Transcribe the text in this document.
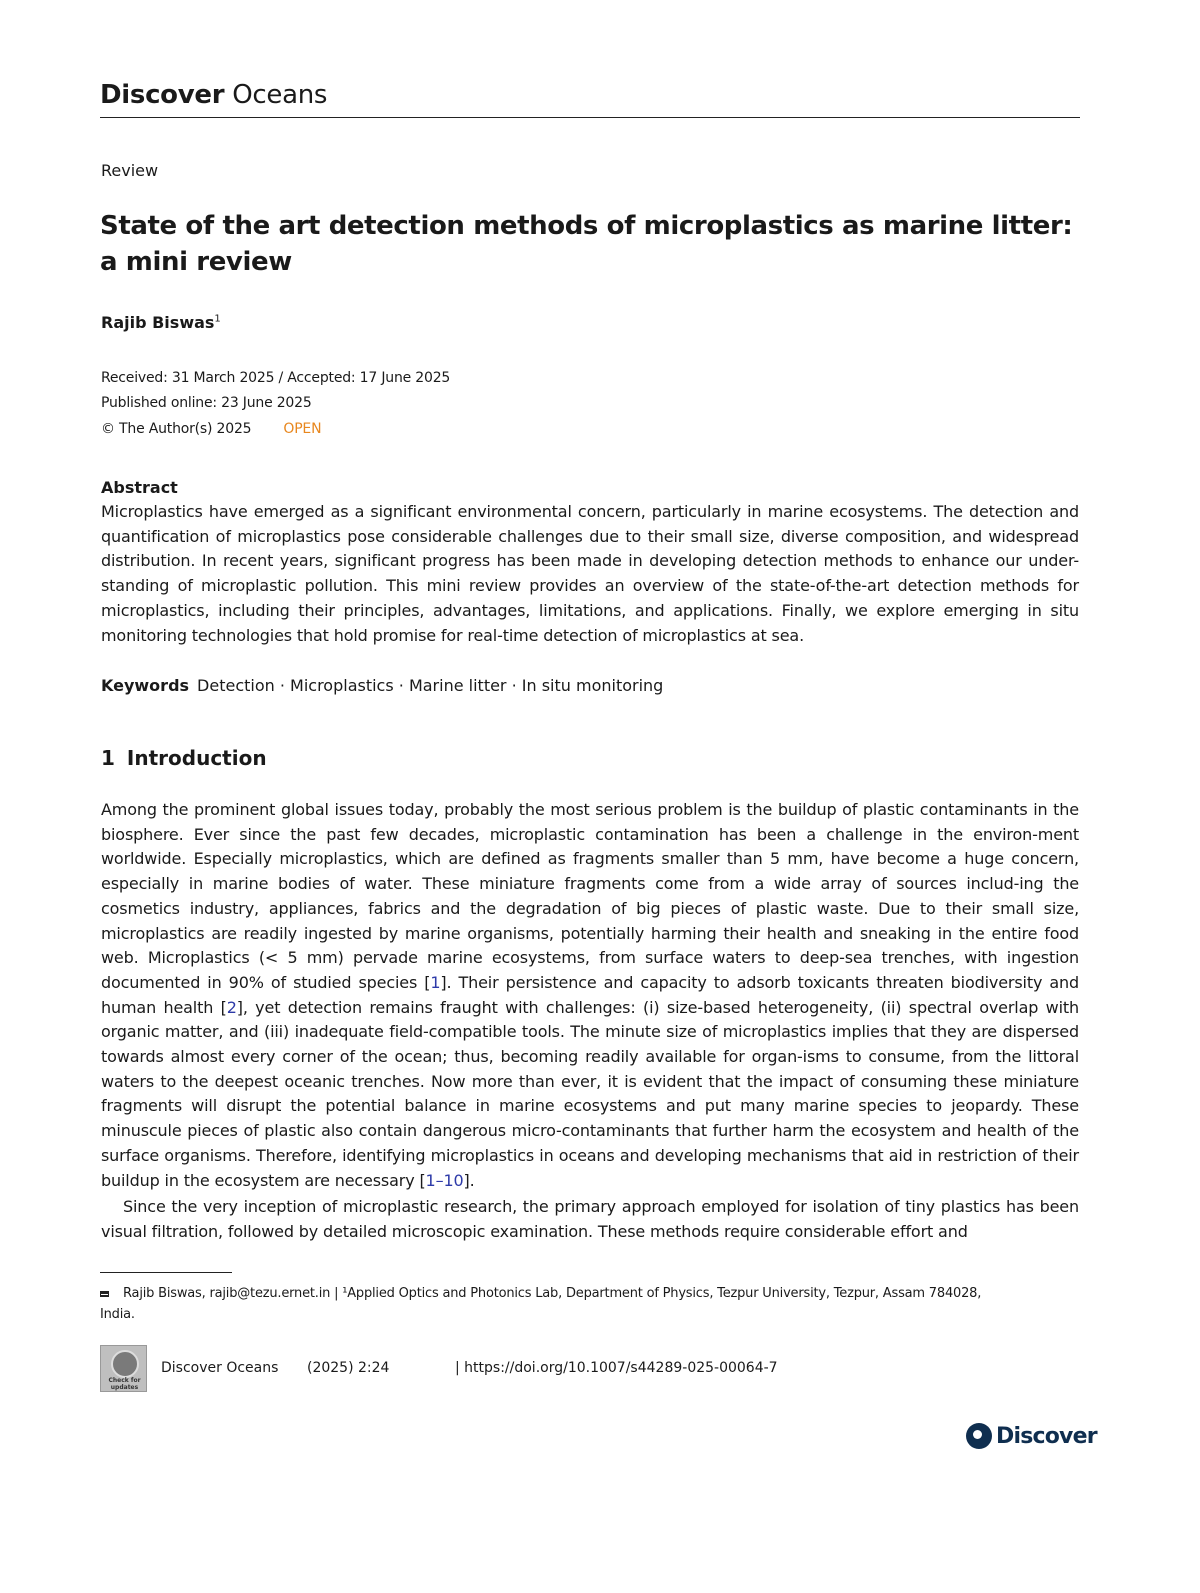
Discover Oceans
Review
State of the art detection methods of microplastics as marine litter:
a mini review
Rajib Biswas$^1$
Received: 31 March 2025 / Accepted: 17 June 2025
Published online: 23 June 2025
© The Author(s) 2025 OPEN
Abstract
Microplastics have emerged as a significant environmental concern, particularly in marine ecosystems. The detection and quantification of microplastics pose considerable challenges due to their small size, diverse composition, and widespread distribution. In recent years, significant progress has been made in developing detection methods to enhance our under-standing of microplastic pollution. This mini review provides an overview of the state-of-the-art detection methods for microplastics, including their principles, advantages, limitations, and applications. Finally, we explore emerging in situ monitoring technologies that hold promise for real-time detection of microplastics at sea.
Keywords Detection · Microplastics · Marine litter · In situ monitoring
1 Introduction
Among the prominent global issues today, probably the most serious problem is the buildup of plastic contaminants in the biosphere. Ever since the past few decades, microplastic contamination has been a challenge in the environ-ment worldwide. Especially microplastics, which are defined as fragments smaller than 5 mm, have become a huge concern, especially in marine bodies of water. These miniature fragments come from a wide array of sources includ-ing the cosmetics industry, appliances, fabrics and the degradation of big pieces of plastic waste. Due to their small size, microplastics are readily ingested by marine organisms, potentially harming their health and sneaking in the entire food web. Microplastics (< 5 mm) pervade marine ecosystems, from surface waters to deep-sea trenches, with ingestion documented in 90% of studied species [1]. Their persistence and capacity to adsorb toxicants threaten biodiversity and human health [2], yet detection remains fraught with challenges: (i) size-based heterogeneity, (ii) spectral overlap with organic matter, and (iii) inadequate field-compatible tools. The minute size of microplastics implies that they are dispersed towards almost every corner of the ocean; thus, becoming readily available for organ-isms to consume, from the littoral waters to the deepest oceanic trenches. Now more than ever, it is evident that the impact of consuming these miniature fragments will disrupt the potential balance in marine ecosystems and put many marine species to jeopardy. These minuscule pieces of plastic also contain dangerous micro-contaminants that further harm the ecosystem and health of the surface organisms. Therefore, identifying microplastics in oceans and developing mechanisms that aid in restriction of their buildup in the ecosystem are necessary [1–10].
Since the very inception of microplastic research, the primary approach employed for isolation of tiny plastics has been visual filtration, followed by detailed microscopic examination. These methods require considerable effort and
Rajib Biswas, rajib@tezu.ernet.in | ¹Applied Optics and Photonics Lab, Department of Physics, Tezpur University, Tezpur, Assam 784028,
India.
Check for updates
Discover Oceans (2025) 2:24	| https://doi.org/10.1007/s44289-025-00064-7
Discover
